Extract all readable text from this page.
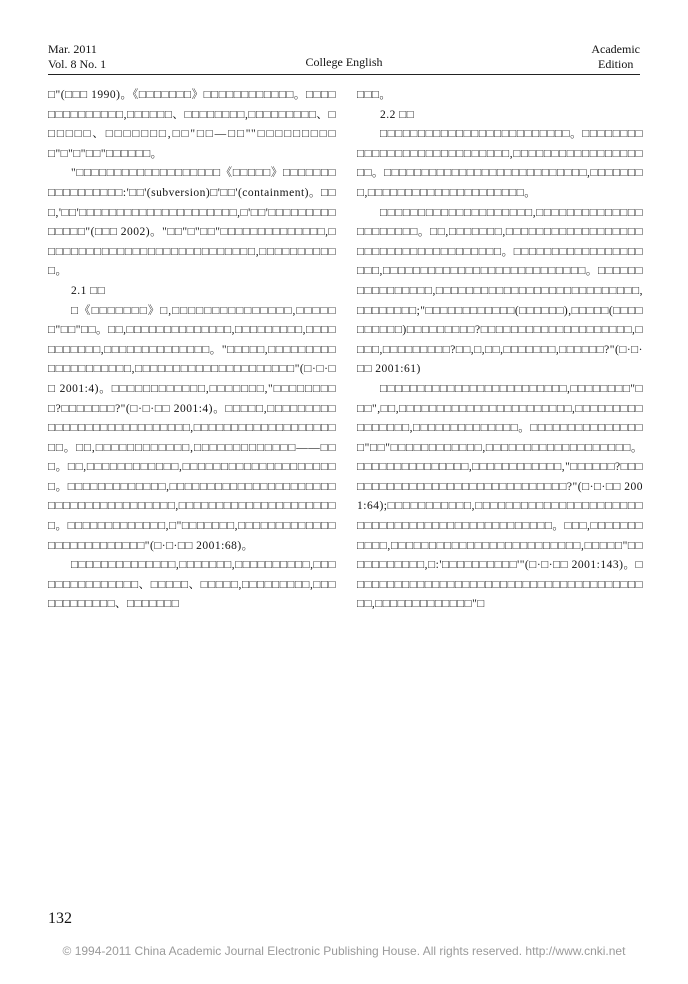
Mar. 2011
Vol. 8 No. 1	College English
Academic
Edition

□"(□□□ 1990)。《□□□□□□□》□□□□□□□□□□□□。□□□□□□□□□□□□□□,□□□□□□、□□□□□□□□,□□□□□□□□□、□□□□□□、□□□□□□□,□□"□□—□□""□□□□□□□□□□"□"□"□□"□□□□□□。

"□□□□□□□□□□□□□□□□□□□《□□□□□》□□□□□□□□□□□□□□□□□:'□□'(subversion)□'□□'(containment)。□□□,'□□'□□□□□□□□□□□□□□□□□□□□□,□'□□'□□□□□□□□□□□□□□"(□□□ 2002)。"□□"□"□□"□□□□□□□□□□□□□□,□□□□□□□□□□□□□□□□□□□□□□□□□□□□,□□□□□□□□□□□。

2.1 □□

□《□□□□□□□》□,□□□□□□□□□□□□□□□,□□□□□□"□□"□□。□□,□□□□□□□□□□□□□□,□□□□□□□□□,□□□□□□□□□□□,□□□□□□□□□□□□□□。"□□□□□,□□□□□□□□□□□□□□□□□□□□,□□□□□□□□□□□□□□□□□□□□□"(□·□·□□ 2001:4)。□□□□□□□□□□□□,□□□□□□□,"□□□□□□□□□?□□□□□□□?"(□·□·□□ 2001:4)。□□□□□,□□□□□□□□□□□□□□□□□□□□□□□□□□□□,□□□□□□□□□□□□□□□□□□□□□。□□,□□□□□□□□□□□□,□□□□□□□□□□□□□——□□□。□□,□□□□□□□□□□□□,□□□□□□□□□□□□□□□□□□□□□。□□□□□□□□□□□□□,□□□□□□□□□□□□□□□□□□□□□□□□□□□□□□□□□□□□□□□,□□□□□□□□□□□□□□□□□□□□□□。□□□□□□□□□□□□□,□"□□□□□□□,□□□□□□□□□□□□□□□□□□□□□□□□□□"(□·□·□□ 2001:68)。

□□□□□□□□□□□□□□,□□□□□□□,□□□□□□□□□□,□□□□□□□□□□□□□□□、□□□□□、□□□□□,□□□□□□□□□,□□□□□□□□□□□□、□□□□□□□

□□□。

2.2 □□

□□□□□□□□□□□□□□□□□□□□□□□□□。□□□□□□□□□□□□□□□□□□□□□□□□□□□□,□□□□□□□□□□□□□□□□□□□。□□□□□□□□□□□□□□□□□□□□□□□□□□□,□□□□□□□□,□□□□□□□□□□□□□□□□□□□□□。

□□□□□□□□□□□□□□□□□□□□,□□□□□□□□□□□□□□□□□□□□□□。□□,□□□□□□□,□□□□□□□□□□□□□□□□□□□□□□□□□□□□□□□□□□□□□。□□□□□□□□□□□□□□□□□□□□,□□□□□□□□□□□□□□□□□□□□□□□□□□□。□□□□□□□□□□□□□□□□,□□□□□□□□□□□□□□□□□□□□□□□□□□□,□□□□□□□□;"□□□□□□□□□□□□(□□□□□□),□□□□□(□□□□□□□□□□)□□□□□□□□□?□□□□□□□□□□□□□□□□□□□□,□□□□,□□□□□□□□□?□□,□,□□,□□□□□□□,□□□□□□?"(□·□·□□ 2001:61)

□□□□□□□□□□□□□□□□□□□□□□□□□,□□□□□□□□"□□□",□□,□□□□□□□□□□□□□□□□□□□□□□□,□□□□□□□□□□□□□□□□,□□□□□□□□□□□□□□。□□□□□□□□□□□□□□□□"□□"□□□□□□□□□□□□,□□□□□□□□□□□□□□□□□□□。□□□□□□□□□□□□□□□,□□□□□□□□□□□□,"□□□□□□?□□□□□□□□□□□□□□□□□□□□□□□□□□□□□□□?"(□·□·□□ 2001:64);□□□□□□□□□□□,□□□□□□□□□□□□□□□□□□□□□□□□□□□□□□□□□□□□□□□□□□□□□□□□。□□□,□□□□□□□□□□□,□□□□□□□□□□□□□□□□□□□□□□□□□,□□□□□"□□□□□□□□□□□,□:'□□□□□□□□□□'"(□·□·□□ 2001:143)。□□□□□□□□□□□□□□□□□□□□□□□□□□□□□□□□□□□□□□□□□,□□□□□□□□□□□□□"□

132
© 1994-2011 China Academic Journal Electronic Publishing House. All rights reserved. http://www.cnki.net
